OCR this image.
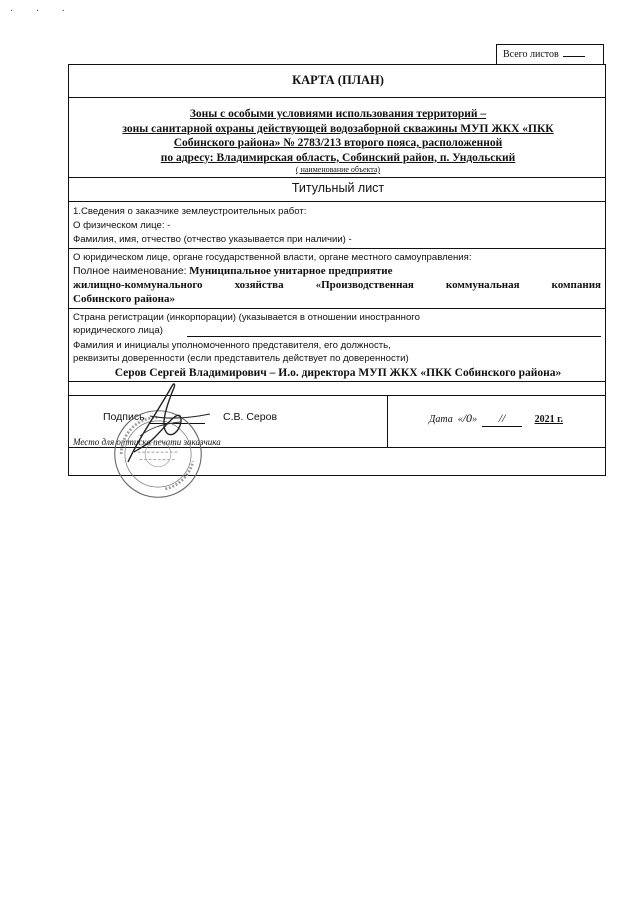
· · ·
Всего листов
КАРТА (ПЛАН)
Зоны с особыми условиями использования территорий –
зоны санитарной охраны действующей водозаборной скважины МУП ЖКХ «ПКК
Собинского района» № 2783/213 второго пояса, расположенной
по адресу: Владимирская область, Собинский район, п. Ундольский
( наименование объекта)
Титульный лист
1.Сведения о заказчике землеустроительных работ:
О физическом лице: -
Фамилия, имя, отчество (отчество указывается при наличии) -
О юридическом лице, органе государственной власти, органе местного самоуправления:
Полное наименование: Муниципальное унитарное предприятие
жилищно-коммунального хозяйства «Производственная коммунальная компания
Собинского района»
Страна регистрации (инкорпорации) (указывается в отношении иностранного
юридического лица)
Фамилия и инициалы уполномоченного представителя, его должность,
реквизиты доверенности (если представитель действует по доверенности)
Серов Сергей Владимирович – И.о. директора МУП ЖКХ «ПКК Собинского района»
Подпись	С.В. Серов	Дата  «/0»  //	2021 г.
Место для оттиска печати заказчика
